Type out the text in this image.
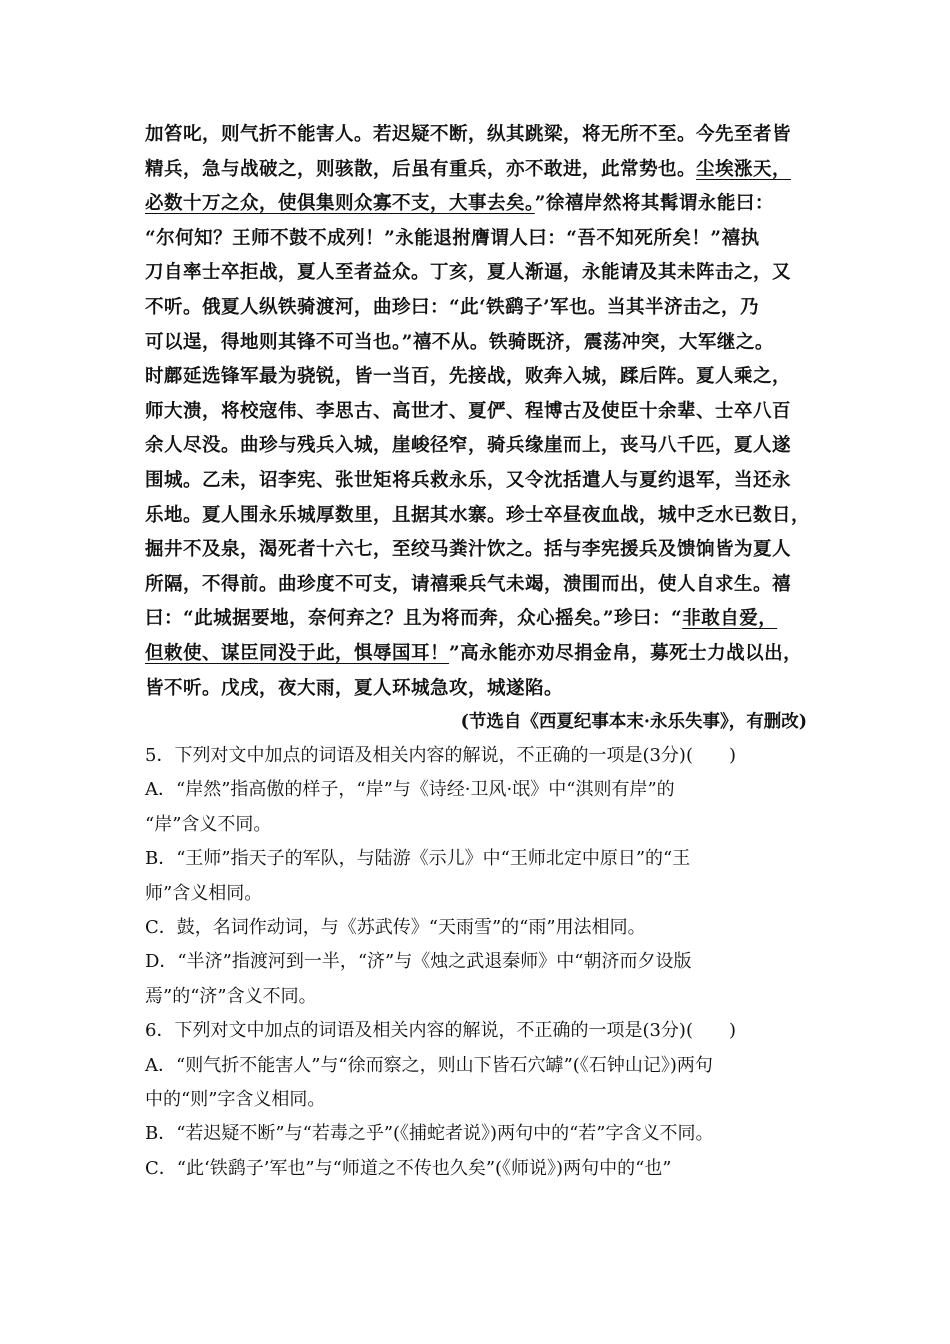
加笞叱，则气折不能害人。若迟疑不断，纵其跳梁，将无所不至。今先至者皆
精兵，急与战破之，则骇散，后虽有重兵，亦不敢进，此常势也。尘埃涨天，
必数十万之众，使俱集则众寡不支，大事去矣。”徐禧岸然将其髯谓永能曰：
“尔何知？王师不鼓不成列！”永能退拊膺谓人曰：“吾不知死所矣！”禧执
刀自率士卒拒战，夏人至者益众。丁亥，夏人渐逼，永能请及其未阵击之，又
不听。俄夏人纵铁骑渡河，曲珍曰：“此‘铁鹞子’军也。当其半济击之，乃
可以逞，得地则其锋不可当也。”禧不从。铁骑既济，震荡冲突，大军继之。
时鄜延选锋军最为骁锐，皆一当百，先接战，败奔入城，蹂后阵。夏人乘之，
师大溃，将校寇伟、李思古、高世才、夏俨、程博古及使臣十余辈、士卒八百
余人尽没。曲珍与残兵入城，崖峻径窄，骑兵缘崖而上，丧马八千匹，夏人遂
围城。乙未，诏李宪、张世矩将兵救永乐，又令沈括遣人与夏约退军，当还永
乐地。夏人围永乐城厚数里，且据其水寨。珍士卒昼夜血战，城中乏水已数日，
掘井不及泉，渴死者十六七，至绞马粪汁饮之。括与李宪援兵及馈饷皆为夏人
所隔，不得前。曲珍度不可支，请禧乘兵气未竭，溃围而出，使人自求生。禧
曰：“此城据要地，奈何弃之？且为将而奔，众心摇矣。”珍曰：“非敢自爱，
但敕使、谋臣同没于此，惧辱国耳！”高永能亦劝尽捐金帛，募死士力战以出，
皆不听。戊戌，夜大雨，夏人环城急攻，城遂陷。
(节选自《西夏纪事本末·永乐失事》，有删改)
5．下列对文中加点的词语及相关内容的解说，不正确的一项是(3分)(　　)
A．“岸然”指高傲的样子，“岸”与《诗经·卫风·氓》中“淇则有岸”的
“岸”含义不同。
B．“王师”指天子的军队，与陆游《示儿》中“王师北定中原日”的“王
师”含义相同。
C．鼓，名词作动词，与《苏武传》“天雨雪”的“雨”用法相同。
D．“半济”指渡河到一半，“济”与《烛之武退秦师》中“朝济而夕设版
焉”的“济”含义不同。
6．下列对文中加点的词语及相关内容的解说，不正确的一项是(3分)(　　)
A．“则气折不能害人”与“徐而察之，则山下皆石穴罅”(《石钟山记》)两句
中的“则”字含义相同。
B．“若迟疑不断”与“若毒之乎”(《捕蛇者说》)两句中的“若”字含义不同。
C．“此‘铁鹞子’军也”与“师道之不传也久矣”(《师说》)两句中的“也”
